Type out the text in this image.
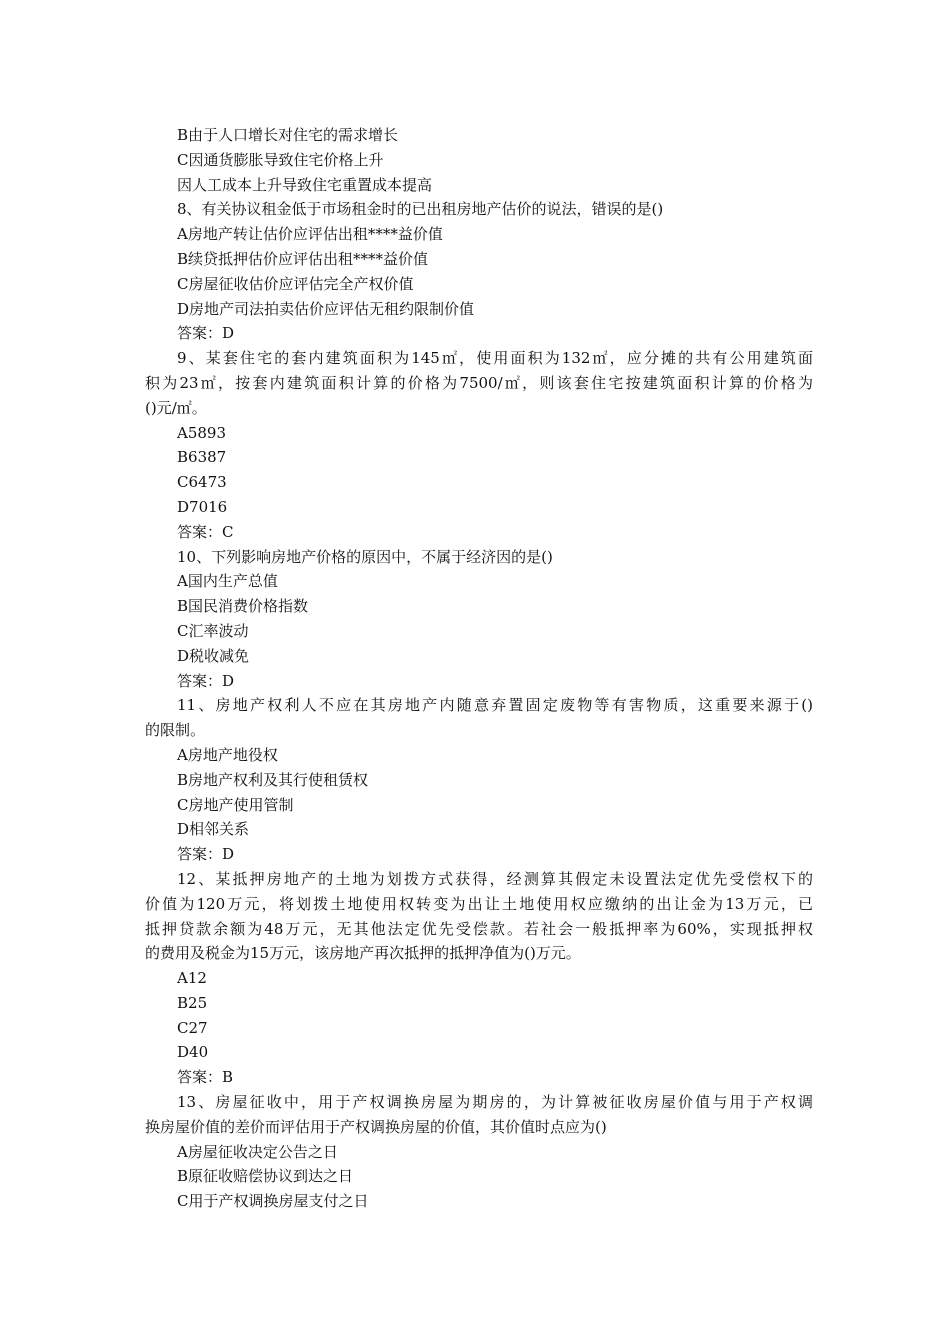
B由于人口增长对住宅的需求增长
C因通货膨胀导致住宅价格上升
因人工成本上升导致住宅重置成本提高
8、有关协议租金低于市场租金时的已出租房地产估价的说法，错误的是()
A房地产转让估价应评估出租****益价值
B续贷抵押估价应评估出租****益价值
C房屋征收估价应评估完全产权价值
D房地产司法拍卖估价应评估无租约限制价值
答案：D
9、某套住宅的套内建筑面积为145㎡，使用面积为132㎡，应分摊的共有公用建筑面
积为23㎡，按套内建筑面积计算的价格为7500/㎡，则该套住宅按建筑面积计算的价格为
()元/㎡。
A5893
B6387
C6473
D7016
答案：C
10、下列影响房地产价格的原因中，不属于经济因的是()
A国内生产总值
B国民消费价格指数
C汇率波动
D税收减免
答案：D
11、房地产权利人不应在其房地产内随意弃置固定废物等有害物质，这重要来源于()
的限制。
A房地产地役权
B房地产权利及其行使租赁权
C房地产使用管制
D相邻关系
答案：D
12、某抵押房地产的土地为划拨方式获得，经测算其假定未设置法定优先受偿权下的
价值为120万元，将划拨土地使用权转变为出让土地使用权应缴纳的出让金为13万元，已
抵押贷款余额为48万元，无其他法定优先受偿款。若社会一般抵押率为60%，实现抵押权
的费用及税金为15万元，该房地产再次抵押的抵押净值为()万元。
A12
B25
C27
D40
答案：B
13、房屋征收中，用于产权调换房屋为期房的，为计算被征收房屋价值与用于产权调
换房屋价值的差价而评估用于产权调换房屋的价值，其价值时点应为()
A房屋征收决定公告之日
B原征收赔偿协议到达之日
C用于产权调换房屋支付之日
